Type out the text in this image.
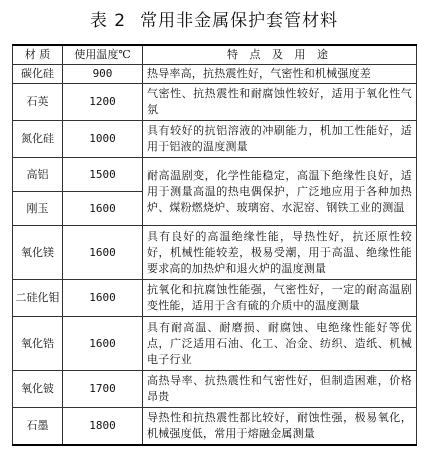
表 2 常用非金属保护套管材料
材 质	使用温度℃	特 点 及 用 途
碳化硅	900	热导率高，抗热震性好，气密性和机械强度差
石英	1200	气密性、抗热震性和耐腐蚀性较好，适用于氧化性气氛
氮化硅	1000	具有较好的抗铝溶液的冲刷能力，机加工性能好，适用于铝液的温度测量
高铝	1500	耐高温剧变，化学性能稳定，高温下绝缘性良好，适用于测量高温的热电偶保护，广泛地应用于各种加热炉、煤粉燃烧炉、玻璃窑、水泥窑、钢铁工业的测温
刚玉	1600	
氧化镁	1600	具有良好的高温绝缘性能，导热性好，抗还原性较好，机械性能较差，极易受潮，用于高温、绝缘性能要求高的加热炉和退火炉的温度测量
二硅化钼	1600	抗氧化和抗腐蚀性能强，气密性好，一定的耐高温剧变性能，适用于含有硫的介质中的温度测量
氧化锆	1600	具有耐高温、耐磨损、耐腐蚀、电绝缘性能好等优点，广泛适用石油、化工、冶金、纺织、造纸、机械电子行业
氧化铍	1700	高热导率、抗热震性和气密性好，但制造困难，价格昂贵
石墨	1800	导热性和抗热震性都比较好，耐蚀性强，极易氧化，机械强度低，常用于熔融金属测量
